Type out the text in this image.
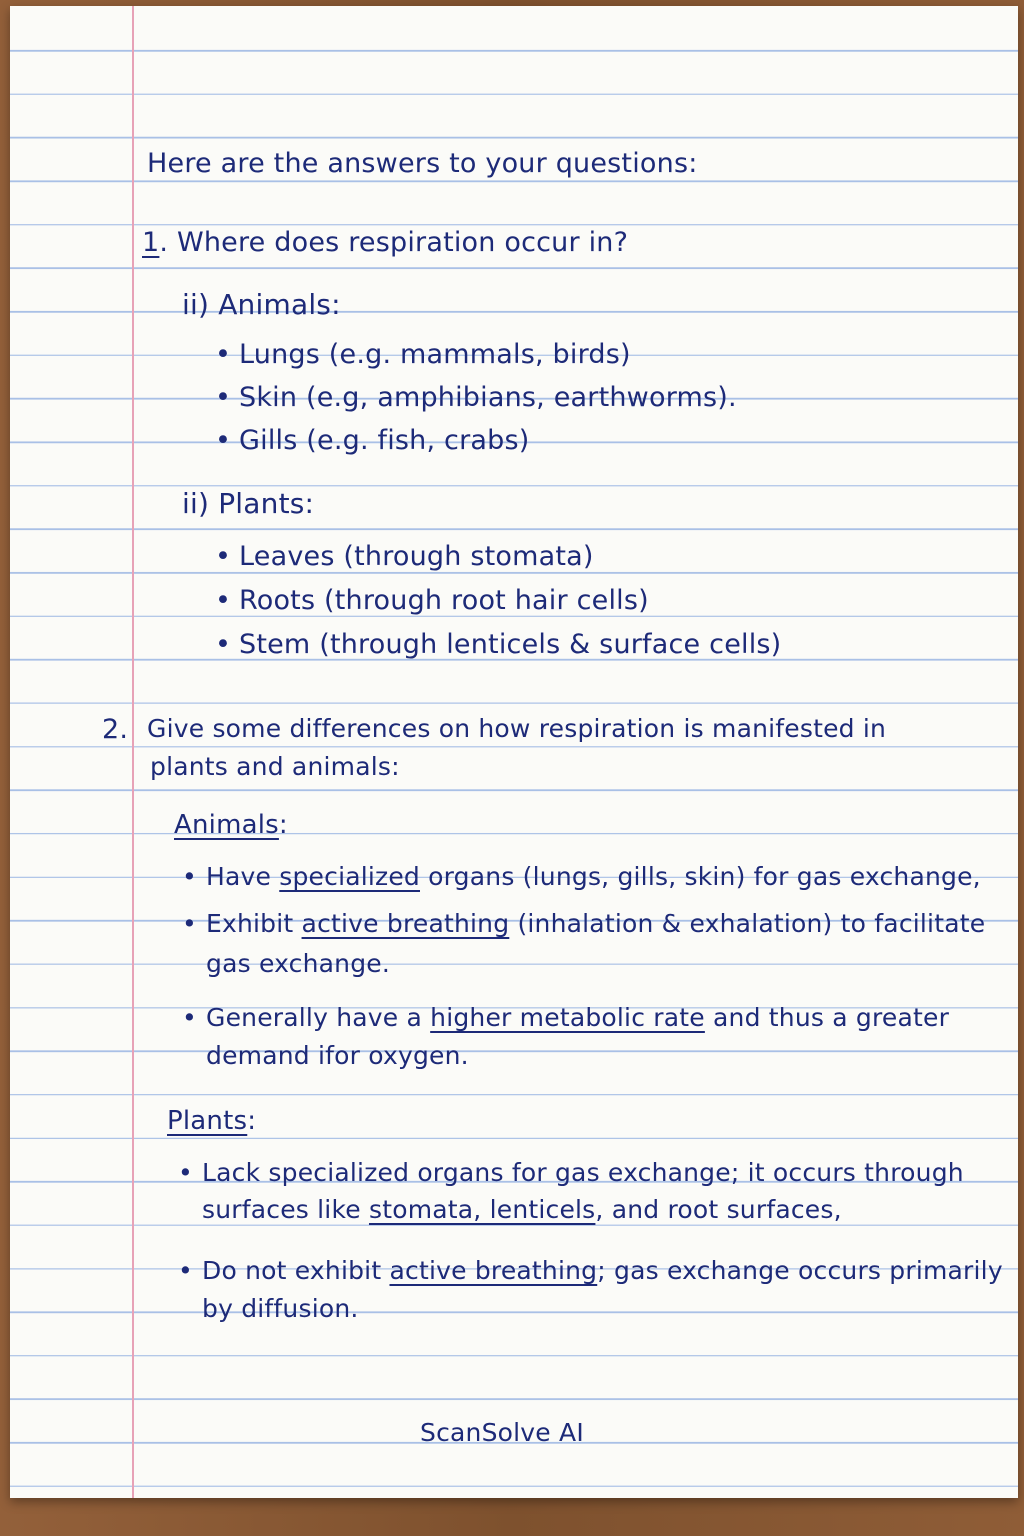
Here are the answers to your questions:

1. Where does respiration occur in?

ii) Animals:

• Lungs (e.g. mammals, birds)

• Skin (e.g, amphibians, earthworms).

• Gills (e.g. fish, crabs)

ii) Plants:

• Leaves (through stomata)

• Roots (through root hair cells)

• Stem (through lenticels & surface cells)

2. Give some differences on how respiration is manifested in

plants and animals:

Animals:

• Have specialized organs (lungs, gills, skin) for gas exchange,

• Exhibit active breathing (inhalation & exhalation) to facilitate

gas exchange.

• Generally have a higher metabolic rate and thus a greater

demand ifor oxygen.

Plants:

• Lack specialized organs for gas exchange; it occurs through

surfaces like stomata, lenticels, and root surfaces,

• Do not exhibit active breathing; gas exchange occurs primarily

by diffusion.

ScanSolve AI
